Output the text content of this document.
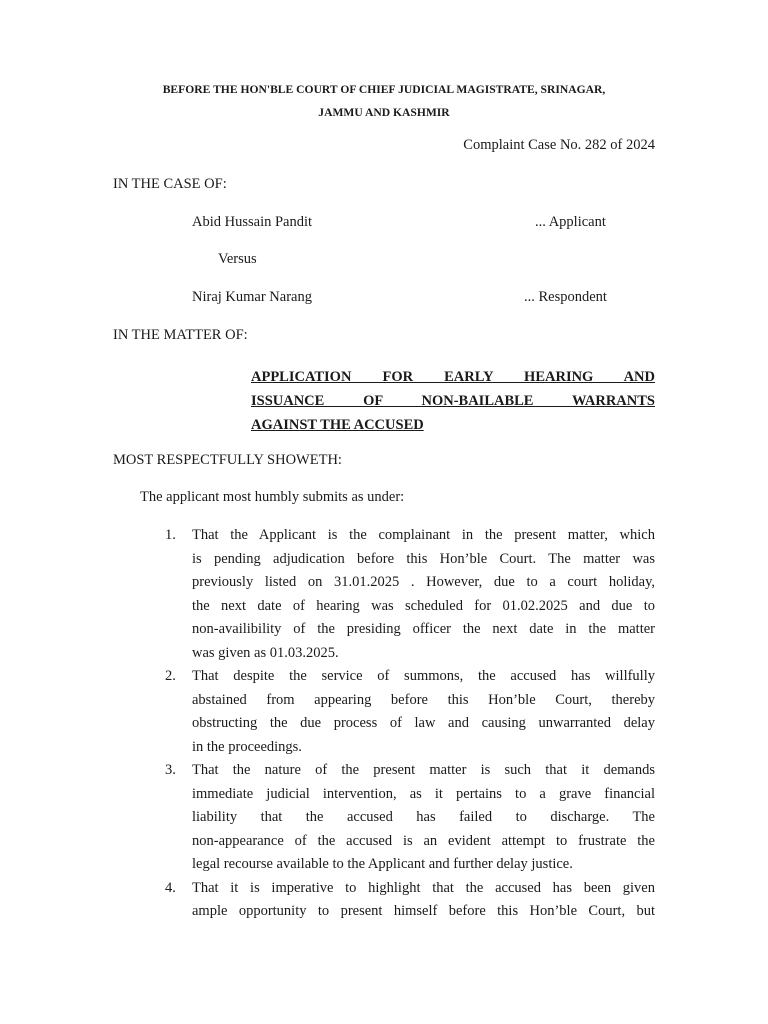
BEFORE THE HON'BLE COURT OF CHIEF JUDICIAL MAGISTRATE, SRINAGAR,
JAMMU AND KASHMIR
Complaint Case No. 282 of 2024
IN THE CASE OF:
Abid Hussain Pandit	... Applicant
Versus
Niraj Kumar Narang	... Respondent
IN THE MATTER OF:
APPLICATION FOR EARLY HEARING AND
ISSUANCE OF NON-BAILABLE WARRANTS
AGAINST THE ACCUSED
MOST RESPECTFULLY SHOWETH:
The applicant most humbly submits as under:
1. That the Applicant is the complainant in the present matter, which
is pending adjudication before this Hon’ble Court. The matter was
previously listed on 31.01.2025 . However, due to a court holiday,
the next date of hearing was scheduled for 01.02.2025 and due to
non-availibility of the presiding officer the next date in the matter
was given as 01.03.2025.
2. That despite the service of summons, the accused has willfully
abstained from appearing before this Hon’ble Court, thereby
obstructing the due process of law and causing unwarranted delay
in the proceedings.
3. That the nature of the present matter is such that it demands
immediate judicial intervention, as it pertains to a grave financial
liability that the accused has failed to discharge. The
non-appearance of the accused is an evident attempt to frustrate the
legal recourse available to the Applicant and further delay justice.
4. That it is imperative to highlight that the accused has been given
ample opportunity to present himself before this Hon’ble Court, but
